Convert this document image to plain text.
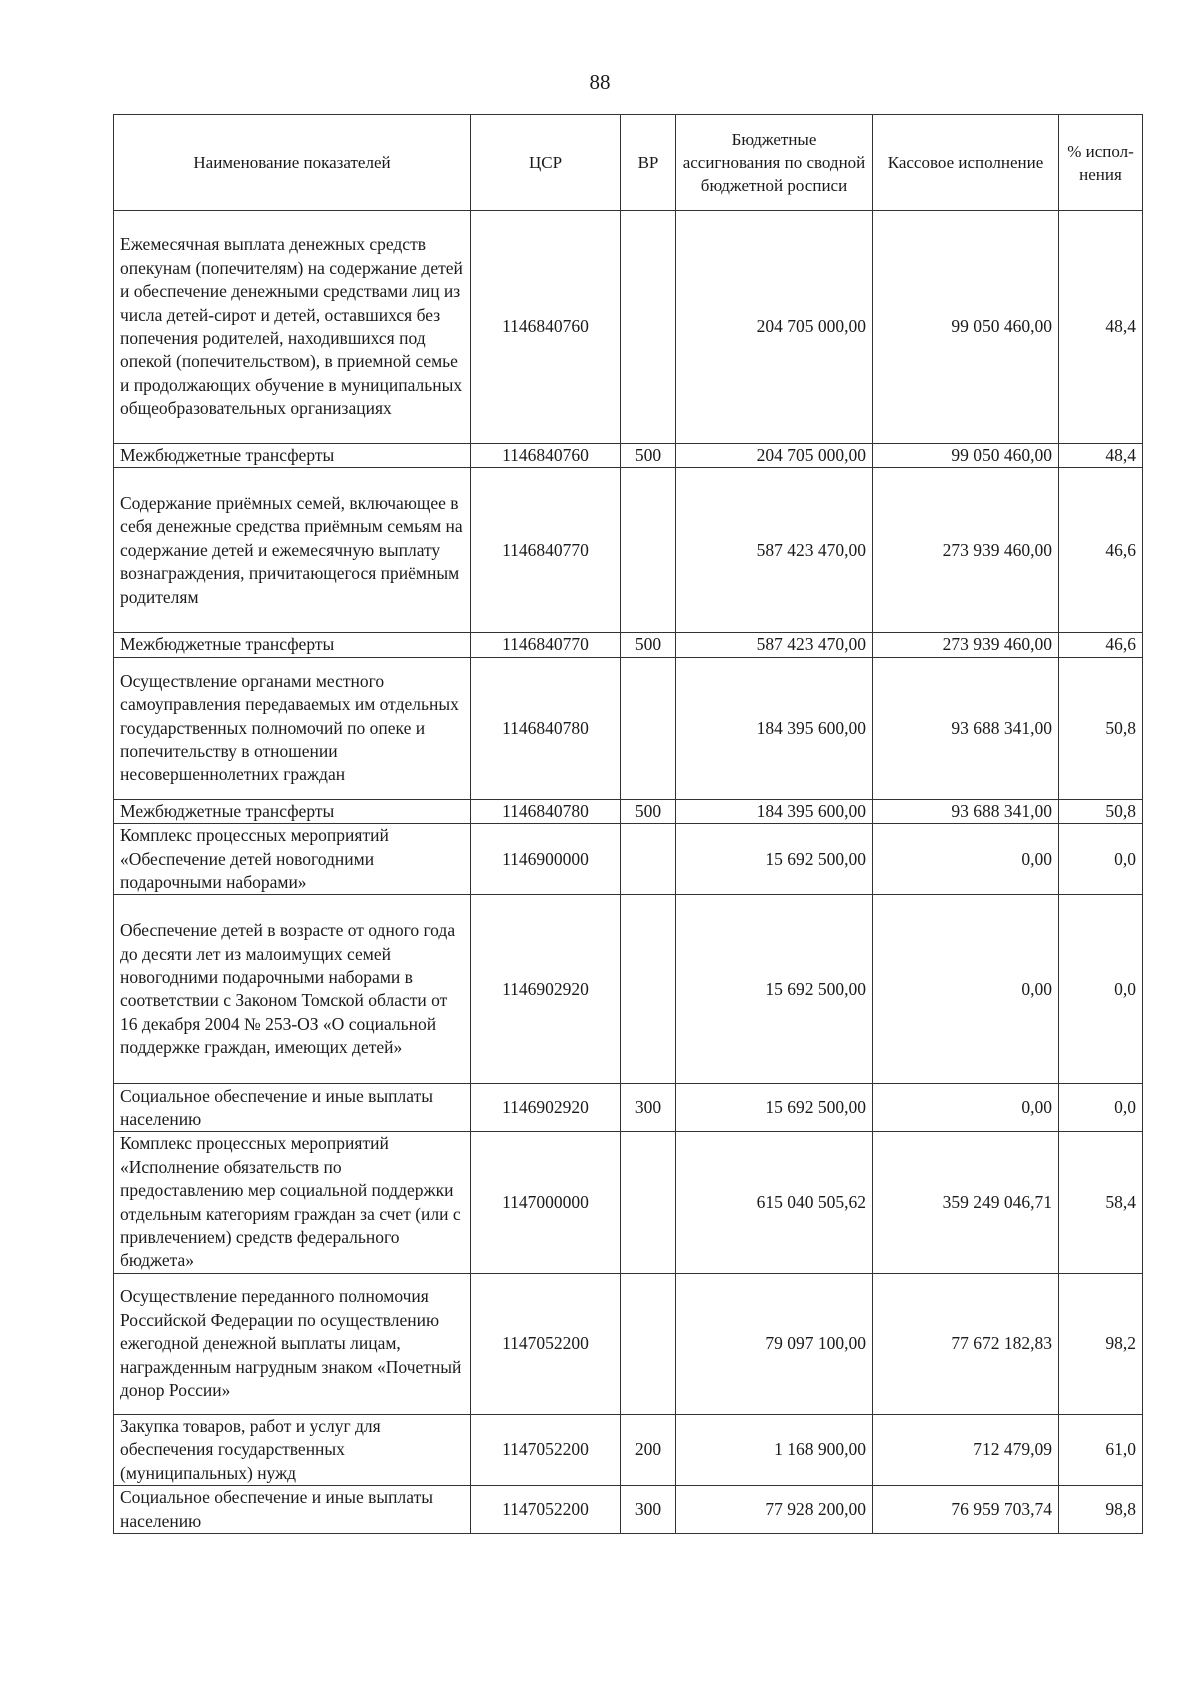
88
Наименование показателей	ЦСР	ВР	Бюджетные ассигнования по сводной бюджетной росписи	Кассовое исполнение	% испол-нения
Ежемесячная выплата денежных средств опекунам (попечителям) на содержание детей и обеспечение денежными средствами лиц из числа детей-сирот и детей, оставшихся без попечения родителей, находившихся под опекой (попечительством), в приемной семье и продолжающих обучение в муниципальных общеобразовательных организациях	1146840760		204 705 000,00	99 050 460,00	48,4
Межбюджетные трансферты	1146840760	500	204 705 000,00	99 050 460,00	48,4
Содержание приёмных семей, включающее в себя денежные средства приёмным семьям на содержание детей и ежемесячную выплату вознаграждения, причитающегося приёмным родителям	1146840770		587 423 470,00	273 939 460,00	46,6
Межбюджетные трансферты	1146840770	500	587 423 470,00	273 939 460,00	46,6
Осуществление органами местного самоуправления передаваемых им отдельных государственных полномочий по опеке и попечительству в отношении несовершеннолетних граждан	1146840780		184 395 600,00	93 688 341,00	50,8
Межбюджетные трансферты	1146840780	500	184 395 600,00	93 688 341,00	50,8
Комплекс процессных мероприятий «Обеспечение детей новогодними подарочными наборами»	1146900000		15 692 500,00	0,00	0,0
Обеспечение детей в возрасте от одного года до десяти лет из малоимущих семей новогодними подарочными наборами в соответствии с Законом Томской области от 16 декабря 2004 № 253-ОЗ «О социальной поддержке граждан, имеющих детей»	1146902920		15 692 500,00	0,00	0,0
Социальное обеспечение и иные выплаты населению	1146902920	300	15 692 500,00	0,00	0,0
Комплекс процессных мероприятий «Исполнение обязательств по предоставлению мер социальной поддержки отдельным категориям граждан за счет (или с привлечением) средств федерального бюджета»	1147000000		615 040 505,62	359 249 046,71	58,4
Осуществление переданного полномочия Российской Федерации по осуществлению ежегодной денежной выплаты лицам, награжденным нагрудным знаком «Почетный донор России»	1147052200		79 097 100,00	77 672 182,83	98,2
Закупка товаров, работ и услуг для обеспечения государственных (муниципальных) нужд	1147052200	200	1 168 900,00	712 479,09	61,0
Социальное обеспечение и иные выплаты населению	1147052200	300	77 928 200,00	76 959 703,74	98,8
